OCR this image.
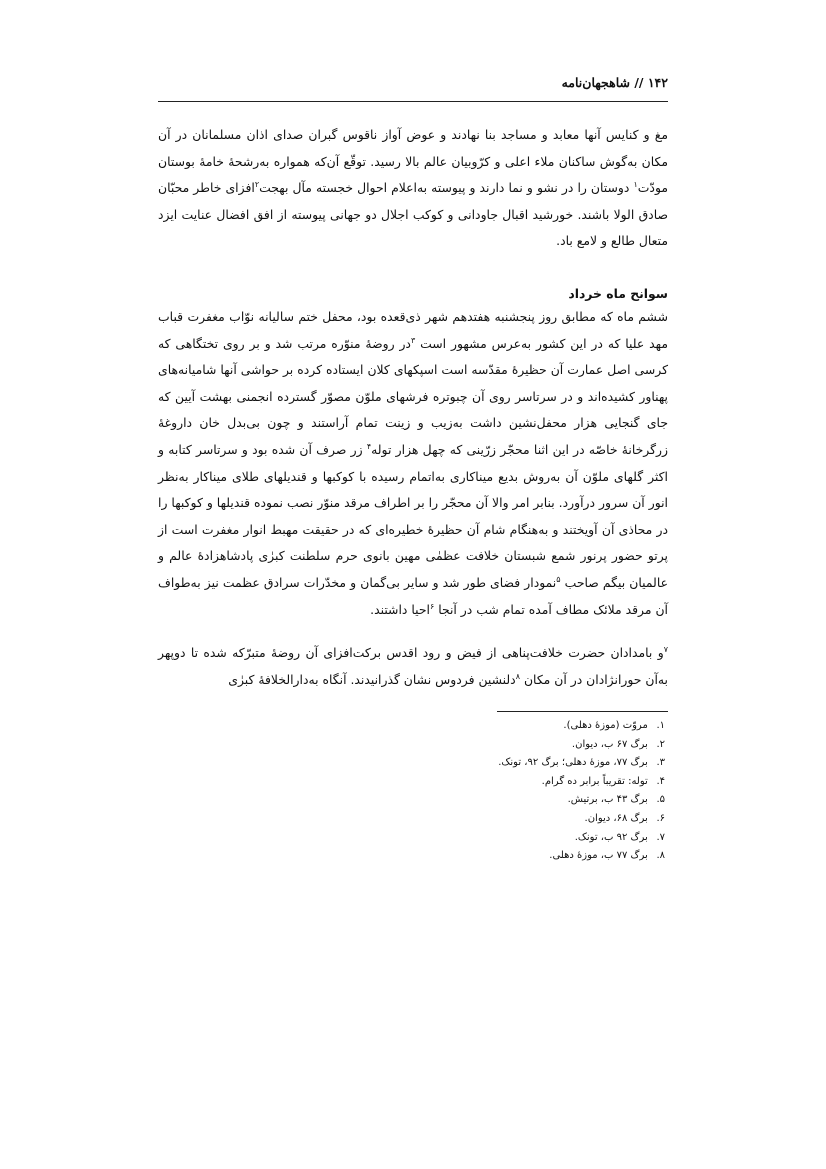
۱۴۲ // شاهجهان‌نامه
مغ و کنایس آنها معابد و مساجد بنا نهادند و عوض آواز ناقوس گبران صدای اذان مسلمانان در آن مکان به‌گوش ساکنان ملاء اعلی و کرّوبیان عالم بالا رسید. توقّع آن‌که همواره به‌رشحهٔ خامهٔ بوستان مودّت$^۱$ دوستان را در نشو و نما دارند و پیوسته به‌اعلام احوال خجسته مآل بهجت$^۲$افزای خاطر محبّان صادق الولا باشند. خورشید اقبال جاودانی و کوکب اجلال دو جهانی پیوسته از افق افضال عنایت ایزد متعال طالع و لامع باد.
سوانح ماه خرداد
ششم ماه که مطابق روز پنجشنبه هفتدهم شهر ذی‌قعده بود، محفل ختم سالیانه نوّاب مغفرت قباب مهد علیا که در این کشور به‌عرس مشهور است $^۳$در روضهٔ منوّره مرتب شد و بر روی تختگاهی که کرسی اصل عمارت آن حظیرهٔ مقدّسه است اسپکهای کلان ایستاده کرده بر حواشی آنها شامیانه‌های پهناور کشیده‌اند و در سرتاسر روی آن چبوتره فرشهای ملوّن مصوّر گسترده انجمنی بهشت آیین که جای گنجایی هزار محفل‌نشین داشت به‌زیب و زینت تمام آراستند و چون بی‌بدل خان داروغهٔ زرگرخانهٔ خاصّه در این اثنا محجّر زرّینی که چهل هزار توله$^۴$ زر صرف آن شده بود و سرتاسر کتابه و اکثر گلهای ملوّن آن به‌روش بدیع میناکاری به‌اتمام رسیده با کوکبها و قندیلهای طلای میناکار به‌نظر انور آن سرور درآورد. بنابر امر والا آن محجّر را بر اطراف مرقد منوّر نصب نموده قندیلها و کوکبها را در محاذی آن آویختند و به‌هنگام شام آن حظیرهٔ خطیره‌ای که در حقیقت مهبط انوار مغفرت است از پرتو حضور پرنور شمع شبستان خلافت عظمٰی مهین بانوی حرم سلطنت کبرٰی پادشاهزادهٔ عالم و عالمیان بیگم صاحب $^۵$نمودار فضای طور شد و سایر بی‌گمان و مخدّرات سرادق عظمت نیز به‌طواف آن مرقد ملائک مطاف آمده تمام شب در آنجا $^۶$احیا داشتند.
$^۷$و بامدادان حضرت خلافت‌پناهی از فیض و رود اقدس برکت‌افزای آن روضهٔ متبرّکه شده تا دوپهر به‌آن حورانژادان در آن مکان $^۸$دلنشین فردوس نشان گذرانیدند. آنگاه به‌دارالخلافهٔ کبرٰی
۱. مروّت (موزهٔ دهلی).
۲. برگ ۶۷ ب، دیوان.
۳. برگ ۷۷، موزهٔ دهلی؛ برگ ۹۲، تونک.
۴. توله: تقریباً برابر ده گرام.
۵. برگ ۴۳ ب، برتیش.
۶. برگ ۶۸، دیوان.
۷. برگ ۹۲ ب، تونک.
۸. برگ ۷۷ ب، موزهٔ دهلی.
